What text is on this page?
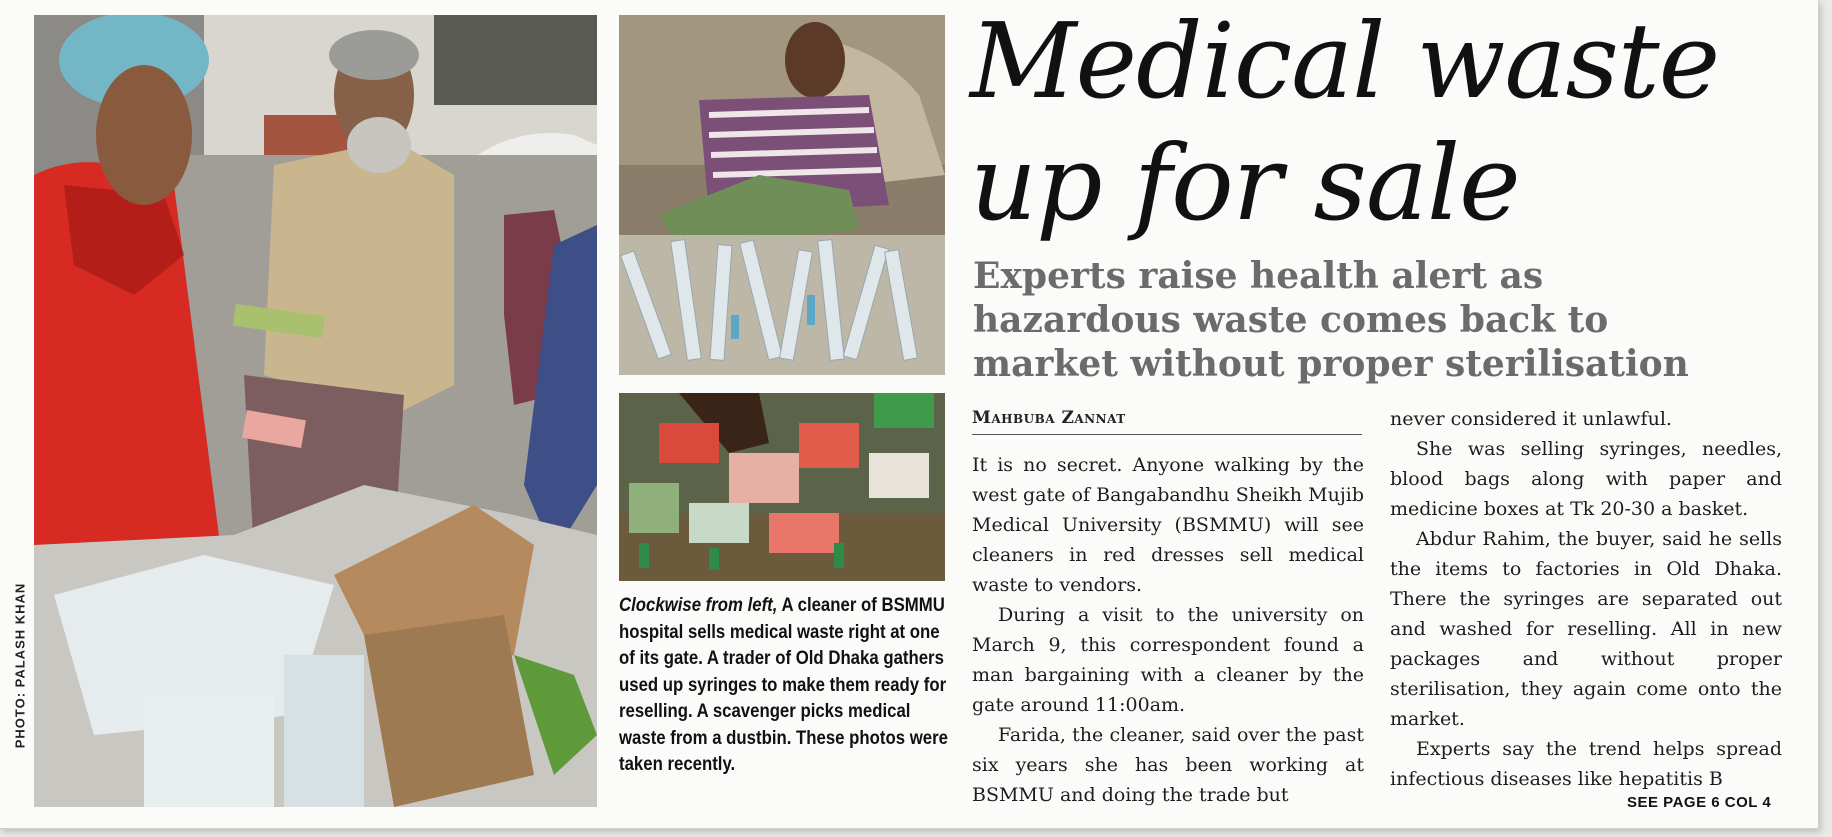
PHOTO: PALASH KHAN	Clockwise from left, A cleaner of BSMMU hospital sells medical waste right at one of its gate. A trader of Old Dhaka gathers used up syringes to make them ready for reselling. A scavenger picks medical waste from a dustbin. These photos were taken recently.
Medical waste up for sale
Experts raise health alert as hazardous waste comes back to market without proper sterilisation
Mahbuba Zannat

It is no secret. Anyone walking by the west gate of Bangabandhu Sheikh Mujib Medical University (BSMMU) will see cleaners in red dresses sell medical waste to vendors.

During a visit to the university on March 9, this correspondent found a man bargaining with a cleaner by the gate around 11:00am.

Farida, the cleaner, said over the past six years she has been working at BSMMU and doing the trade but

never considered it unlawful.

She was selling syringes, needles, blood bags along with paper and medicine boxes at Tk 20-30 a basket.

Abdur Rahim, the buyer, said he sells the items to factories in Old Dhaka. There the syringes are separated out and washed for reselling. All in new packages and without proper sterilisation, they again come onto the market.

Experts say the trend helps spread infectious diseases like hepatitis B

SEE PAGE 6 COL 4
